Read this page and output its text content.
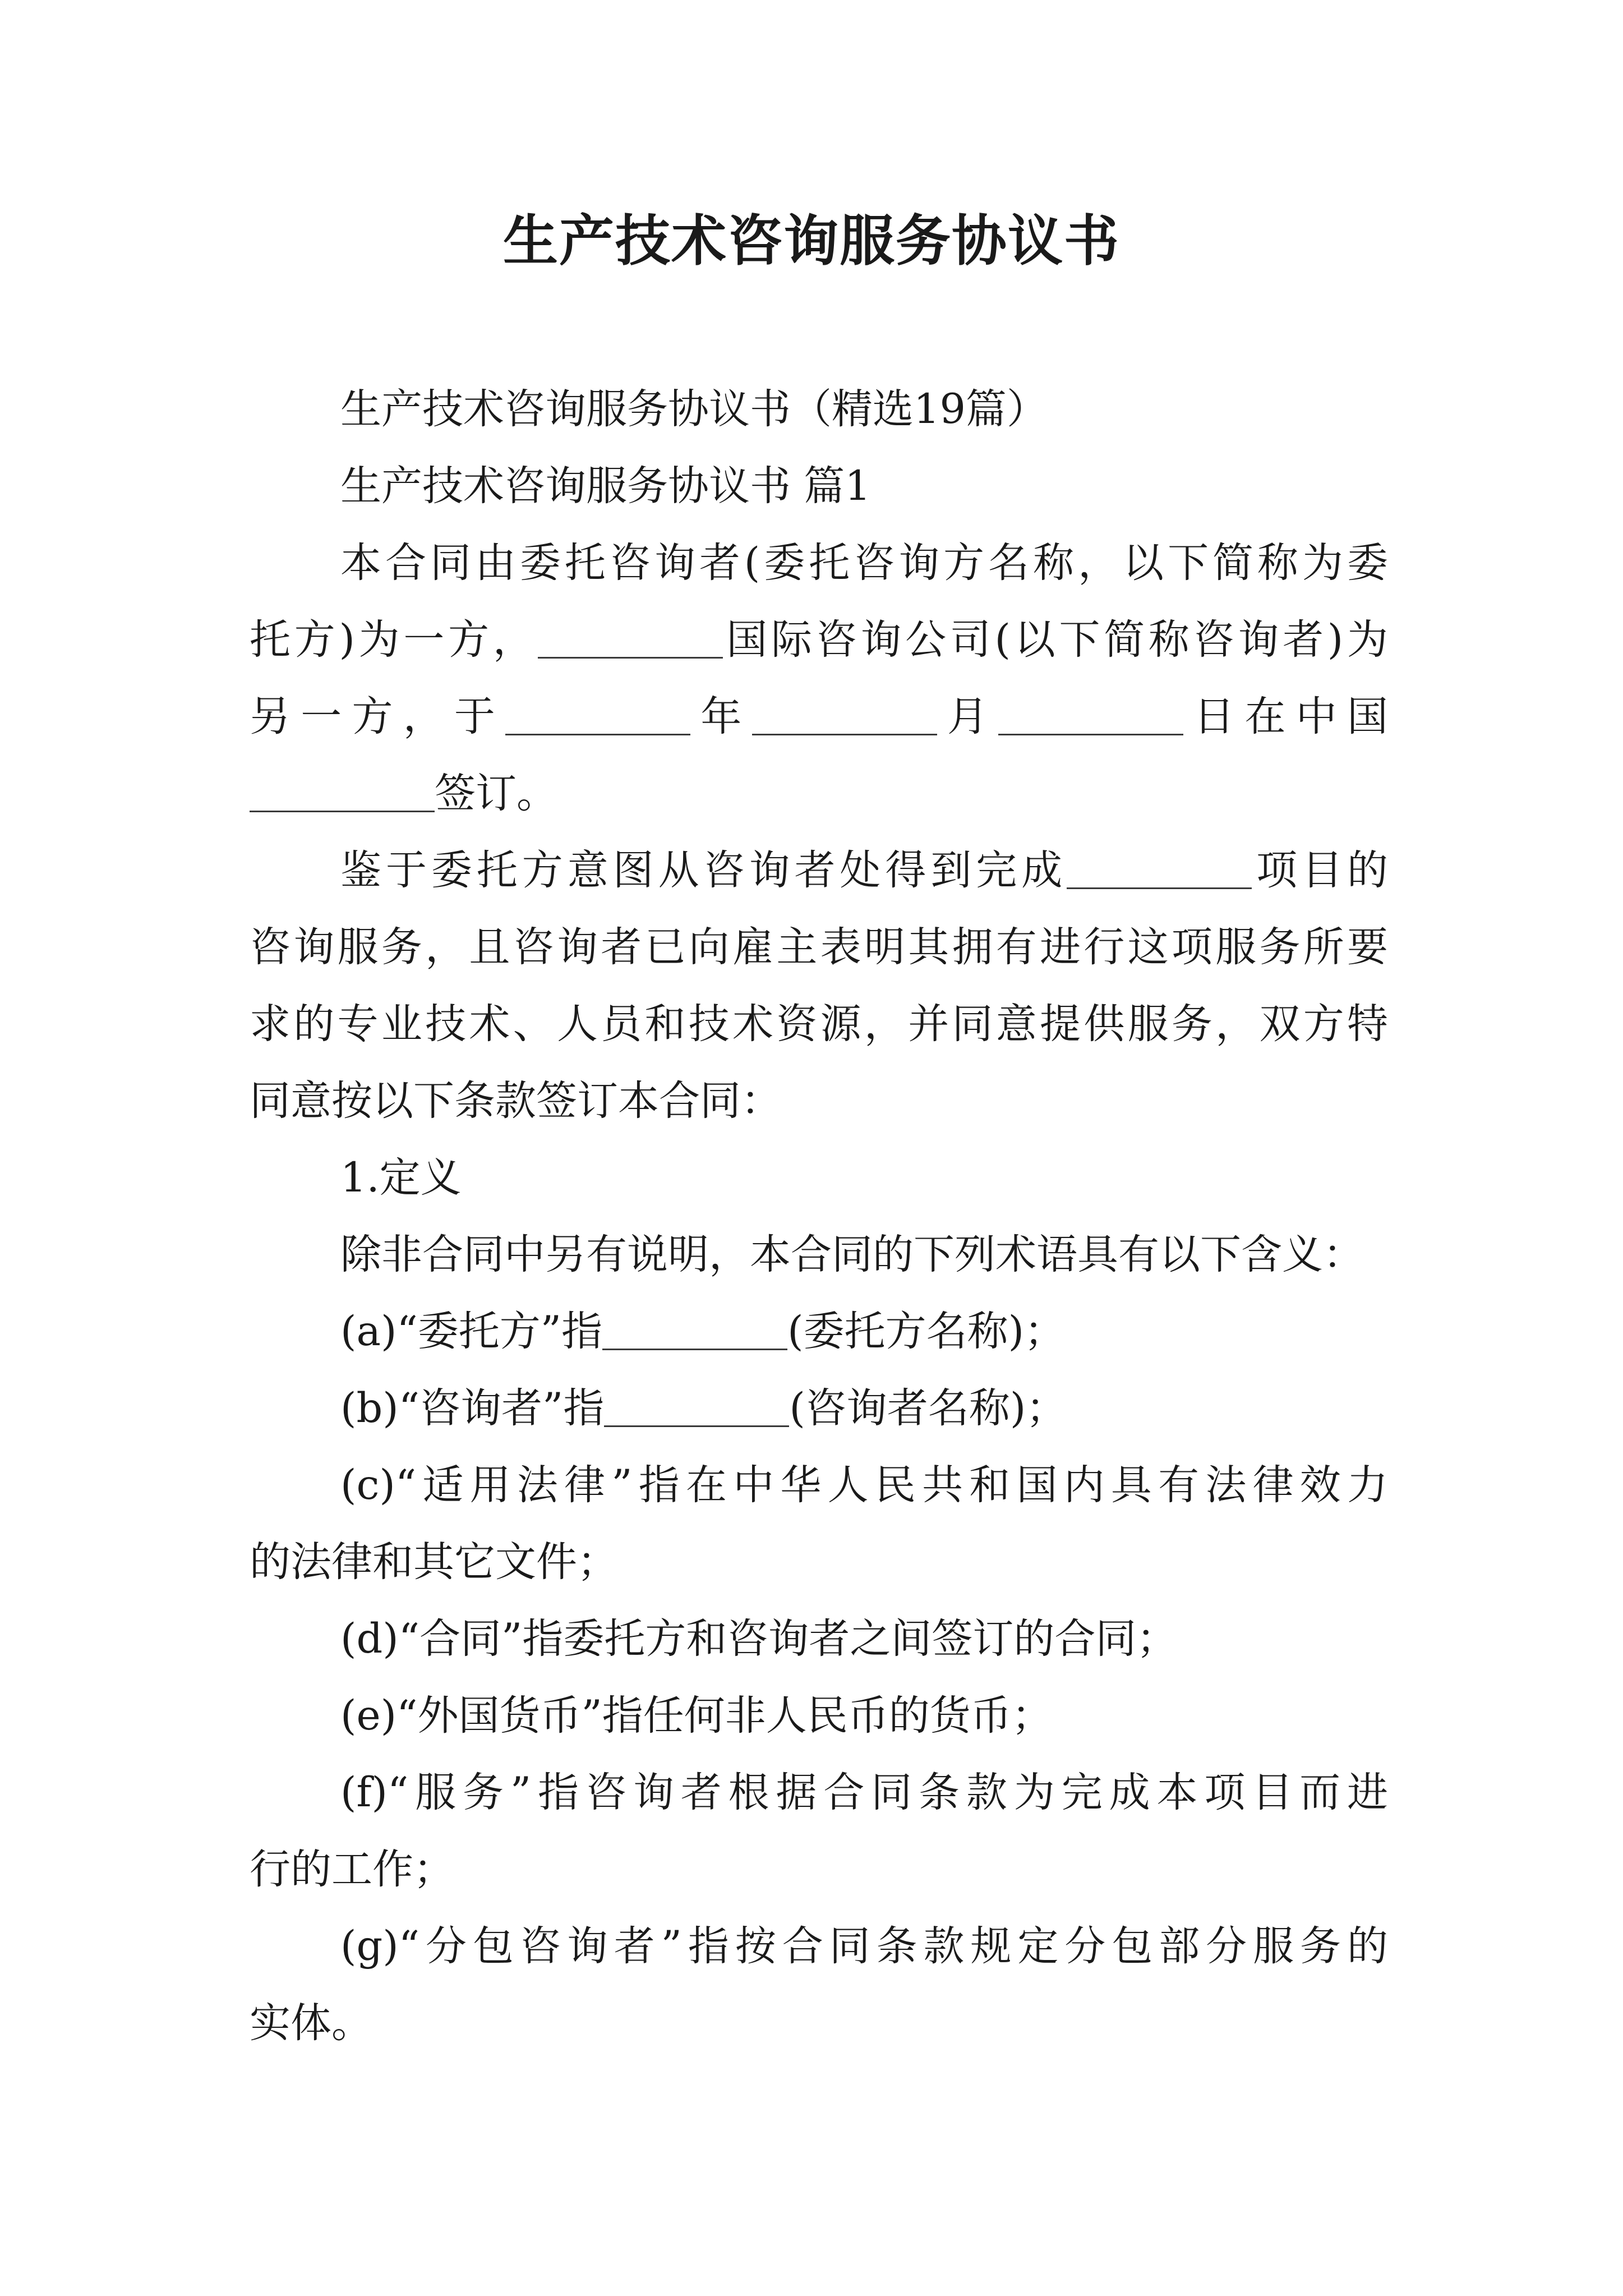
生产技术咨询服务协议书
生产技术咨询服务协议书（精选19篇）
生产技术咨询服务协议书 篇1
本合同由委托咨询者(委托咨询方名称，以下简称为委
托方)为一方，	国际咨询公司(以下简称咨询者)为
另一方，于	年	月	日在中国
签订。
鉴于委托方意图从咨询者处得到完成	项目的
咨询服务，且咨询者已向雇主表明其拥有进行这项服务所要
求的专业技术、人员和技术资源，并同意提供服务，双方特
同意按以下条款签订本合同：
1.定义
除非合同中另有说明，本合同的下列术语具有以下含义：
(a)“委托方”指	(委托方名称)；
(b)“咨询者”指	(咨询者名称)；
(c)“适用法律”指在中华人民共和国内具有法律效力
的法律和其它文件；
(d)“合同”指委托方和咨询者之间签订的合同；
(e)“外国货币”指任何非人民币的货币；
(f)“服务”指咨询者根据合同条款为完成本项目而进
行的工作；
(g)“分包咨询者”指按合同条款规定分包部分服务的
实体。
